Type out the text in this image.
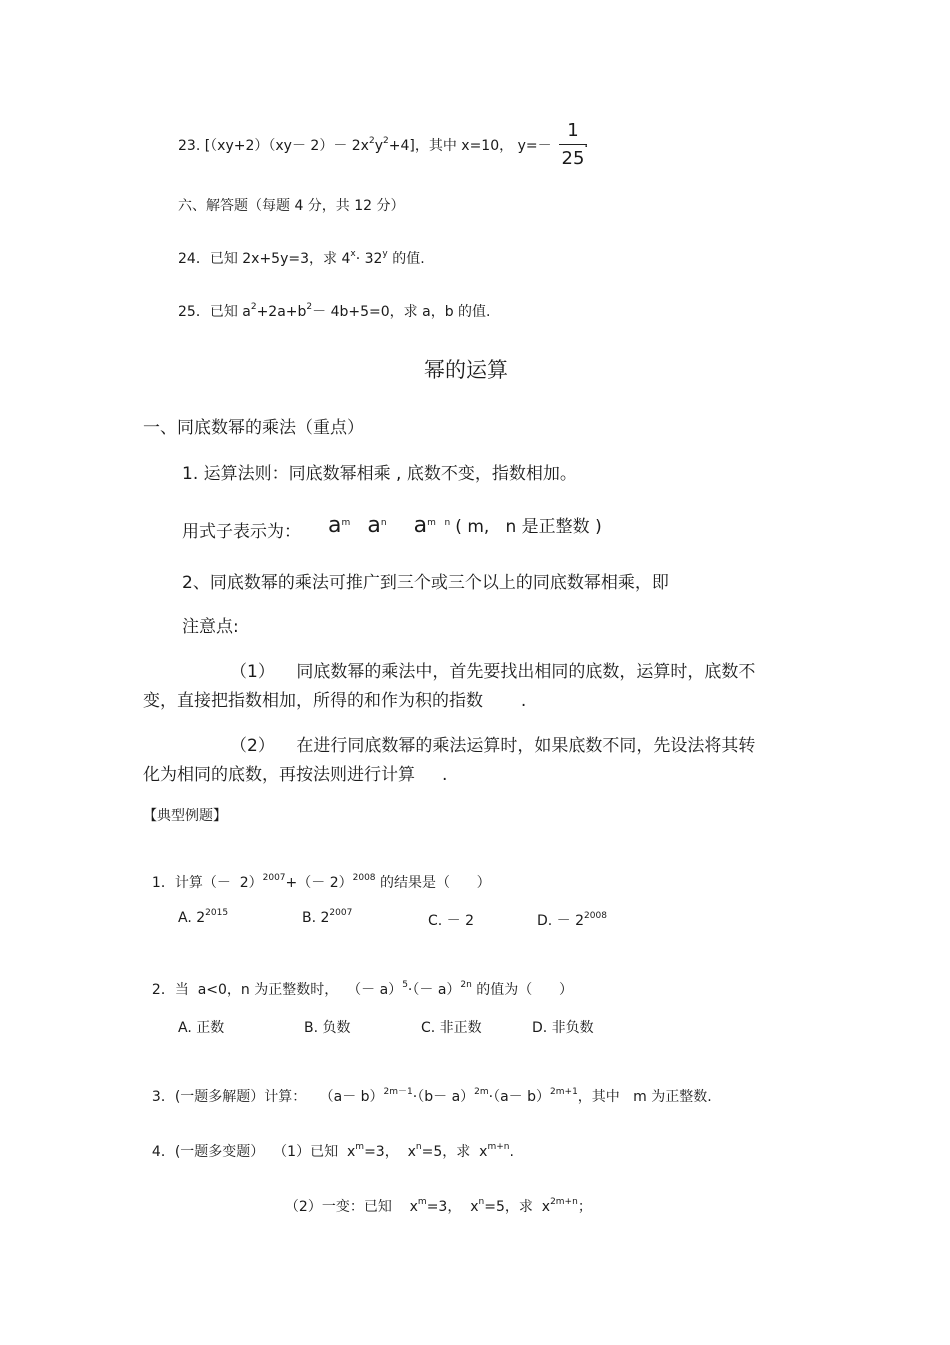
23. $[(xy+2)(xy- 2)- 2x^2y^2+4]$，其中 x=10， y=－
1
25
.
六、解答题（每题 4 分，共 12 分）
24．已知 2x+5y=3，求 $4^x\cdot 32^y$ 的值.
25．已知 $a^2+2a+b^2- 4b+5=0$，求 a，b 的值.
幂的运算
一、同底数幂的乘法（重点）
1. 运算法则：同底数幂相乘 , 底数不变，指数相加。
用式子表示为： $a^m$ $a^n$ $a^{m n}$ ( m,   n 是正整数 )
2、同底数幂的乘法可推广到三个或三个以上的同底数幂相乘，即
注意点:
（1）    同底数幂的乘法中，首先要找出相同的底数，运算时，底数不
变，直接把指数相加，所得的和作为积的指数       .
（2）    在进行同底数幂的乘法运算时，如果底数不同，先设法将其转
化为相同的底数，再按法则进行计算     .
【典型例题】

1．计算（－  $2)^{2007}+(- 2)^{2008}$ 的结果是（      ）

A. $2^{2015}$	B. $2^{2007}$	C. － 2	D. － $2^{2008}$

2．当  a<0，n 为正整数时，  （－ $a)^5\cdot(- a)^{2n}$ 的值为（      ）

A. 正数	B. 负数	C. 非正数	D. 非负数

3．(一题多解题）计算：   $(a- b)^{2m-1}\cdot(b- a)^{2m}\cdot(a- b)^{2m+1}$，其中   m 为正整数.

4．(一题多变题）  （1）已知  $x^m=3$，  $x^n=5$，求  $x^{m+n}$.

（2）一变：已知    $x^m=3$，  $x^n=5$，求  $x^{2m+n}$；
